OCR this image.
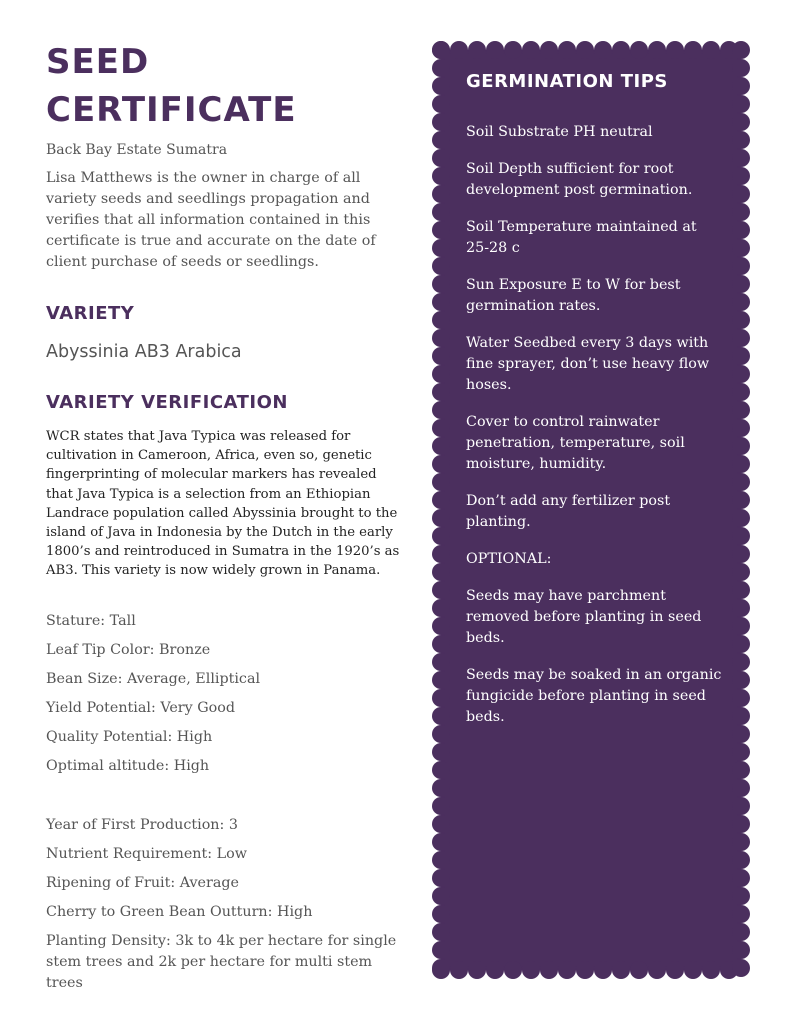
SEED CERTIFICATE
Back Bay Estate Sumatra
Lisa Matthews is the owner in charge of all variety seeds and seedlings propagation and verifies that all information contained in this certificate is true and accurate on the date of client purchase of seeds or seedlings.
VARIETY
Abyssinia AB3 Arabica
VARIETY VERIFICATION
WCR states that Java Typica was released for cultivation in Cameroon, Africa, even so, genetic fingerprinting of molecular markers has revealed that Java Typica is a selection from an Ethiopian Landrace population called Abyssinia brought to the island of Java in Indonesia by the Dutch in the early 1800’s and reintroduced in Sumatra in the 1920’s as AB3. This variety is now widely grown in Panama.
Stature: Tall
Leaf Tip Color: Bronze
Bean Size: Average, Elliptical
Yield Potential: Very Good
Quality Potential: High
Optimal altitude: High
Year of First Production: 3
Nutrient Requirement: Low
Ripening of Fruit: Average
Cherry to Green Bean Outturn: High
Planting Density: 3k to 4k per hectare for single stem trees and 2k per hectare for multi stem trees
GERMINATION TIPS
Soil Substrate PH neutral
Soil Depth sufficient for root development post germination.
Soil Temperature maintained at 25-28 c
Sun Exposure E to W for best germination rates.
Water Seedbed every 3 days with fine sprayer, don’t use heavy flow hoses.
Cover to control rainwater penetration, temperature, soil moisture, humidity.
Don’t add any fertilizer post planting.
OPTIONAL:
Seeds may have parchment removed before planting in seed beds.
Seeds may be soaked in an organic fungicide before planting in seed beds.
